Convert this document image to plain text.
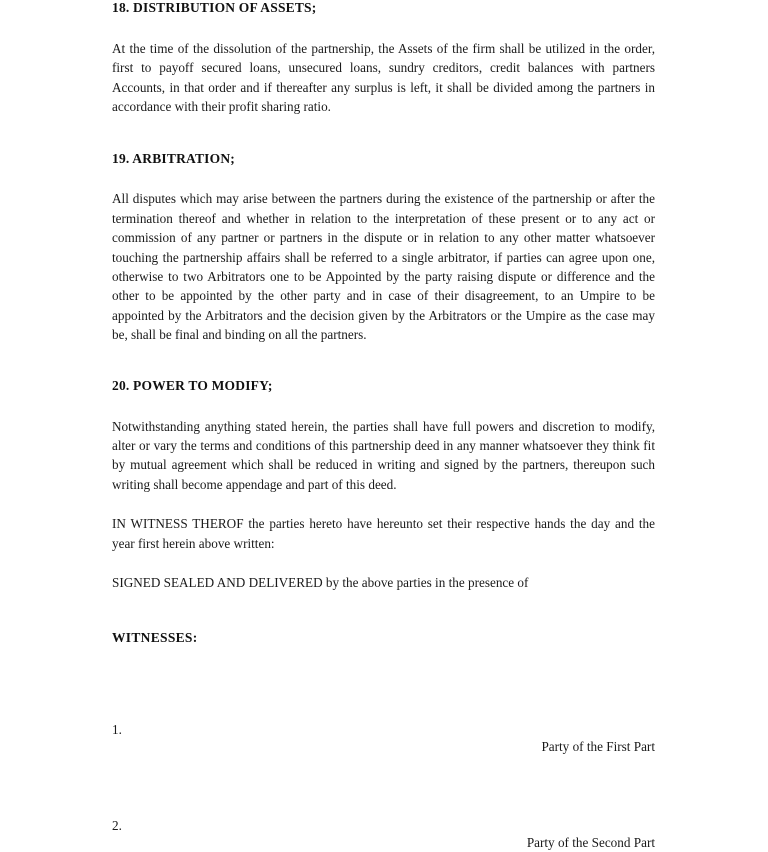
18. DISTRIBUTION OF ASSETS;

At the time of the dissolution of the partnership, the Assets of the firm shall be utilized in the order, first to payoff secured loans, unsecured loans, sundry creditors, credit balances with partners Accounts, in that order and if thereafter any surplus is left, it shall be divided among the partners in accordance with their profit sharing ratio.

19. ARBITRATION;

All disputes which may arise between the partners during the existence of the partnership or after the termination thereof and whether in relation to the interpretation of these present or to any act or commission of any partner or partners in the dispute or in relation to any other matter whatsoever touching the partnership affairs shall be referred to a single arbitrator, if parties can agree upon one, otherwise to two Arbitrators one to be Appointed by the party raising dispute or difference and the other to be appointed by the other party and in case of their disagreement, to an Umpire to be appointed by the Arbitrators and the decision given by the Arbitrators or the Umpire as the case may be, shall be final and binding on all the partners.

20. POWER TO MODIFY;

Notwithstanding anything stated herein, the parties shall have full powers and discretion to modify, alter or vary the terms and conditions of this partnership deed in any manner whatsoever they think fit by mutual agreement which shall be reduced in writing and signed by the partners, thereupon such writing shall become appendage and part of this deed.

IN WITNESS THEROF the parties hereto have hereunto set their respective hands the day and the year first herein above written:

SIGNED SEALED AND DELIVERED by the above parties in the presence of

WITNESSES:

1.
Party of the First Part
2.
Party of the Second Part
